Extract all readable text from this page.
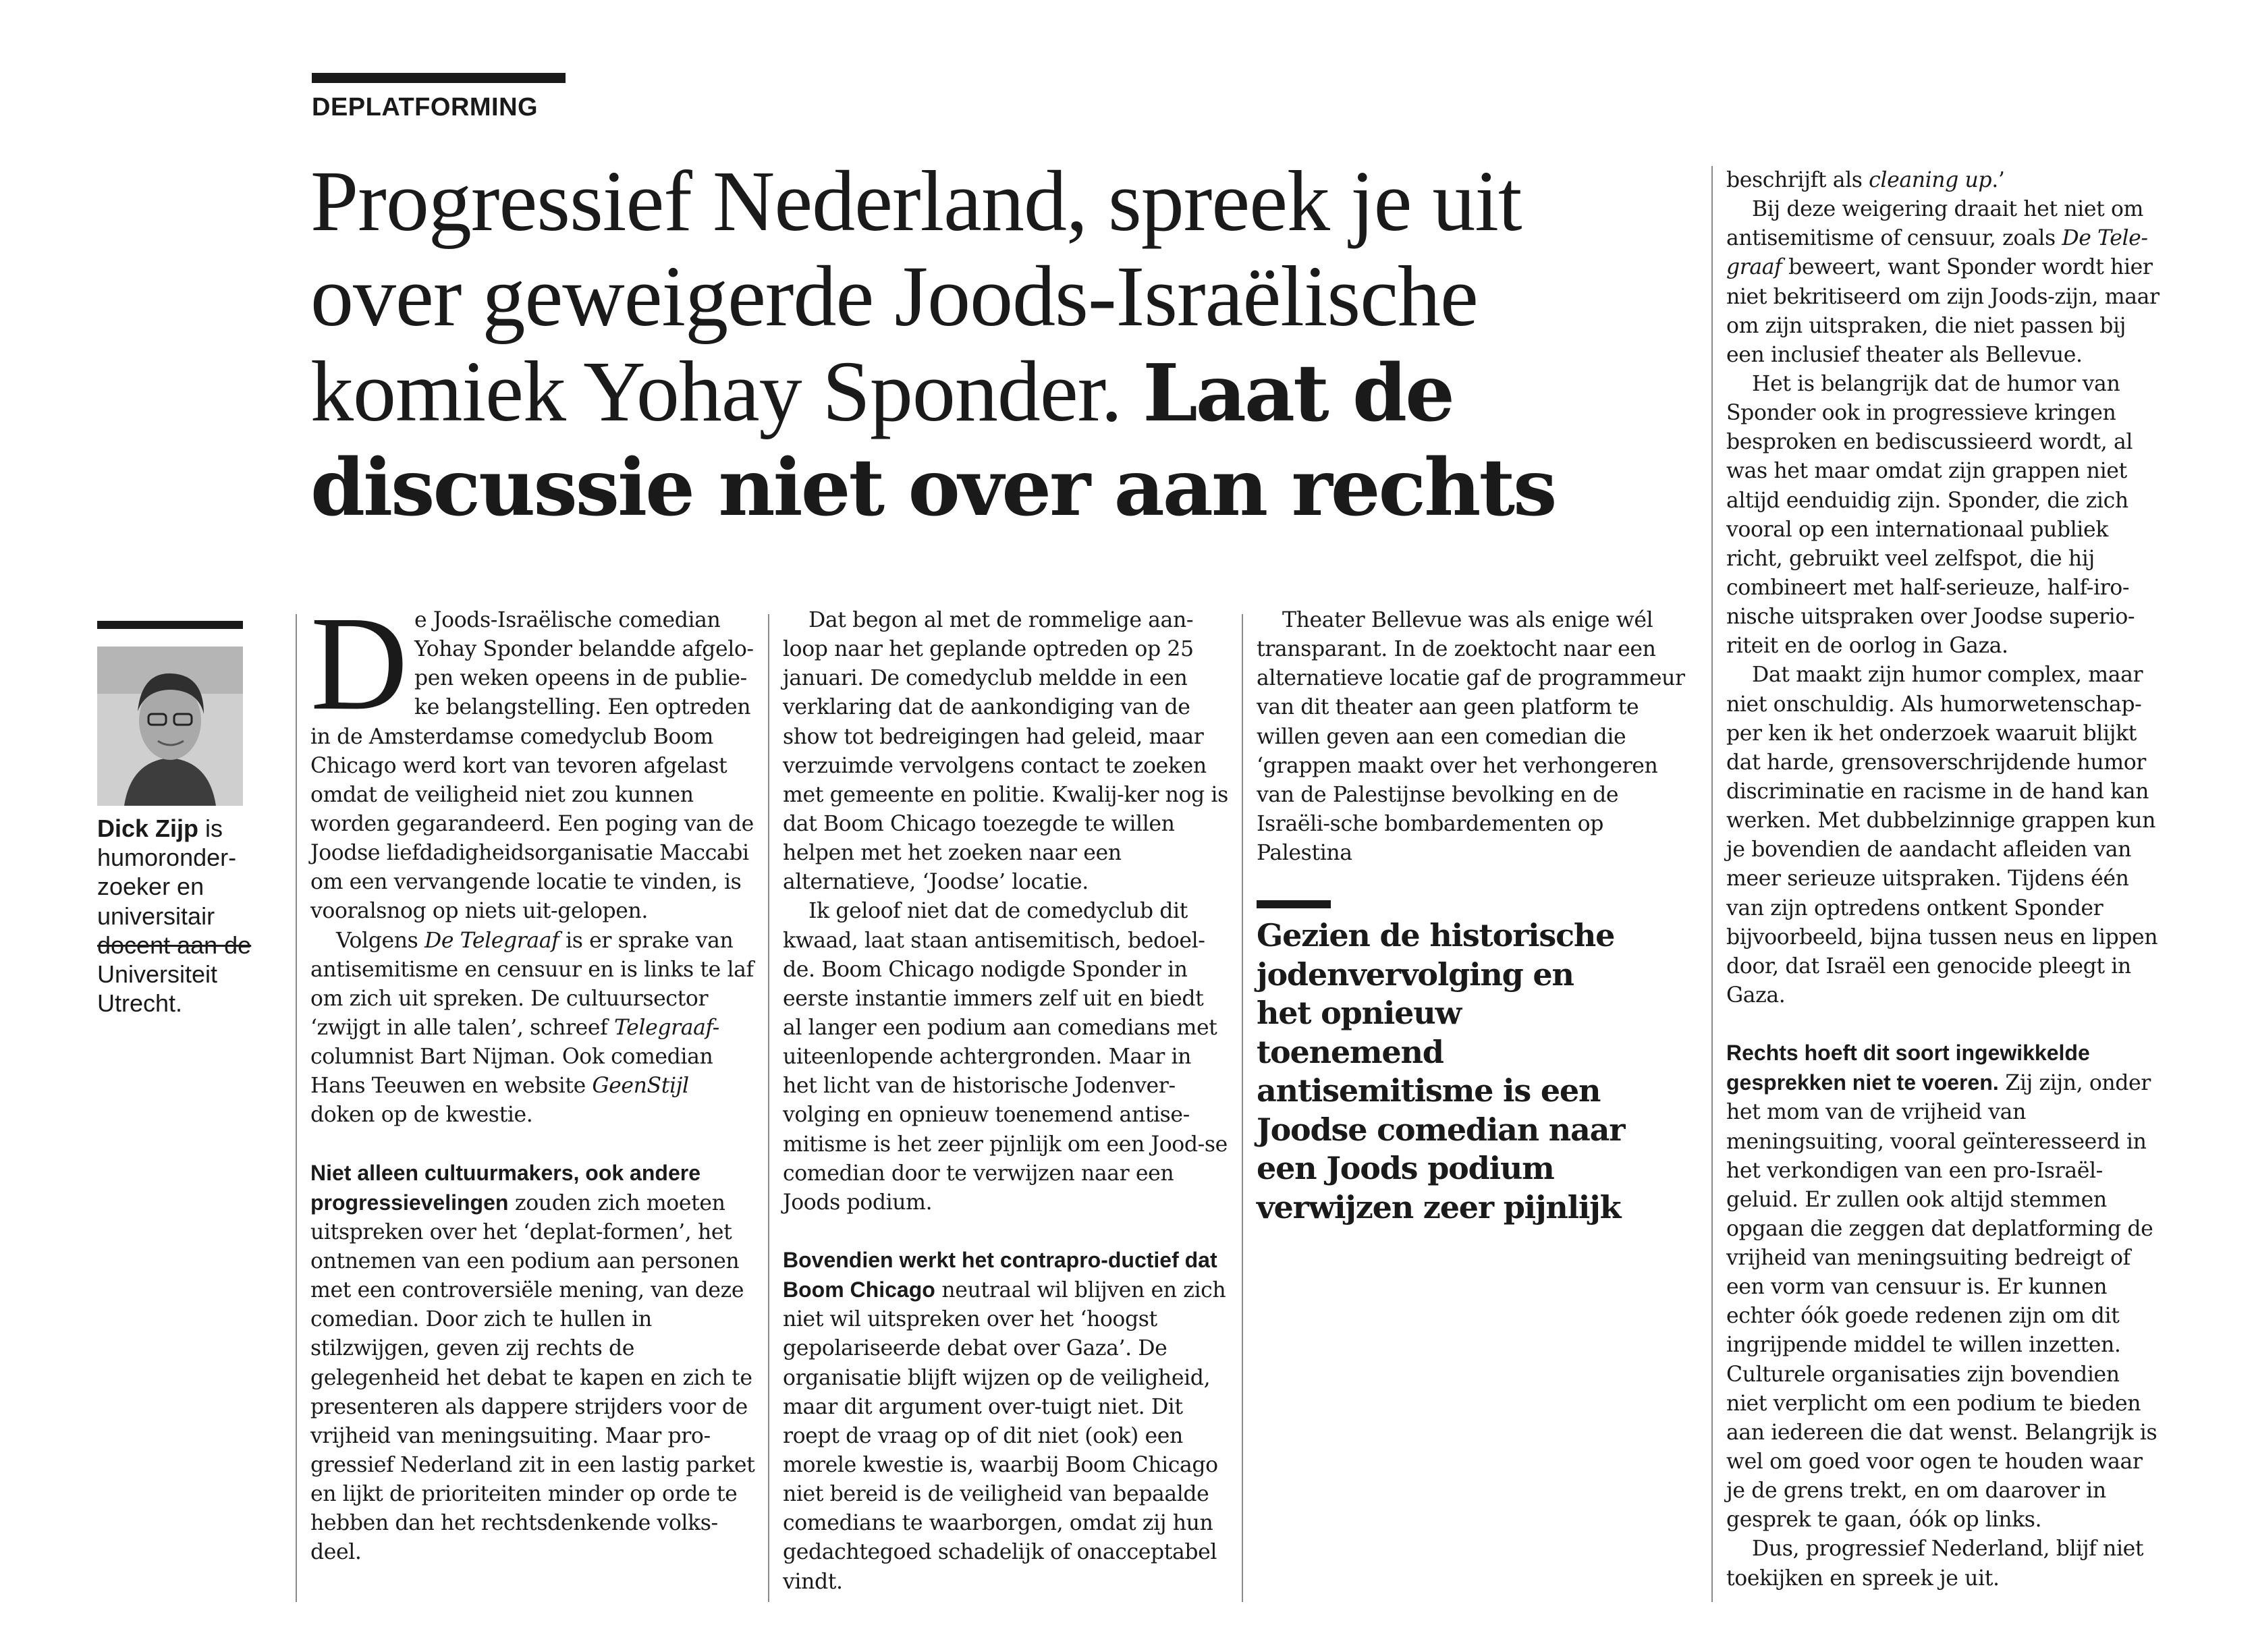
DEPLATFORMING
Progressief Nederland, spreek je uit over geweigerde Joods-Israëlische komiek Yohay Sponder. Laat de discussie niet over aan rechts
Dick Zijp is humoronder-zoeker en universitair docent aan de Universiteit Utrecht.

De Joods-Israëlische comedian Yohay Sponder belandde afgelo-pen weken opeens in de publie-ke belangstelling. Een optreden in de Amsterdamse comedyclub Boom Chicago werd kort van tevoren afgelast omdat de veiligheid niet zou kunnen worden gegarandeerd. Een poging van de Joodse liefdadigheidsorganisatie Maccabi om een vervangende locatie te vinden, is vooralsnog op niets uit-gelopen.

Volgens De Telegraaf is er sprake van antisemitisme en censuur en is links te laf om zich uit spreken. De cultuursector ‘zwijgt in alle talen’, schreef Telegraaf-columnist Bart Nijman. Ook comedian Hans Teeuwen en website GeenStijl doken op de kwestie.

Niet alleen cultuurmakers, ook andere progressievelingen zouden zich moeten uitspreken over het ‘deplat-formen’, het ontnemen van een podium aan personen met een controversiële mening, van deze comedian. Door zich te hullen in stilzwijgen, geven zij rechts de gelegenheid het debat te kapen en zich te presenteren als dappere strijders voor de vrijheid van meningsuiting. Maar pro-gressief Nederland zit in een lastig parket en lijkt de prioriteiten minder op orde te hebben dan het rechtsdenkende volks-deel.

Dat begon al met de rommelige aan-loop naar het geplande optreden op 25 januari. De comedyclub meldde in een verklaring dat de aankondiging van de show tot bedreigingen had geleid, maar verzuimde vervolgens contact te zoeken met gemeente en politie. Kwalij-ker nog is dat Boom Chicago toezegde te willen helpen met het zoeken naar een alternatieve, ‘Joodse’ locatie.

Ik geloof niet dat de comedyclub dit kwaad, laat staan antisemitisch, bedoel-de. Boom Chicago nodigde Sponder in eerste instantie immers zelf uit en biedt al langer een podium aan comedians met uiteenlopende achtergronden. Maar in het licht van de historische Jodenver-volging en opnieuw toenemend antise-mitisme is het zeer pijnlijk om een Jood-se comedian door te verwijzen naar een Joods podium.

Bovendien werkt het contrapro-ductief dat Boom Chicago neutraal wil blijven en zich niet wil uitspreken over het ‘hoogst gepolariseerde debat over Gaza’. De organisatie blijft wijzen op de veiligheid, maar dit argument over-tuigt niet. Dit roept de vraag op of dit niet (ook) een morele kwestie is, waarbij Boom Chicago niet bereid is de veiligheid van bepaalde comedians te waarborgen, omdat zij hun gedachtegoed schadelijk of onacceptabel vindt.

Theater Bellevue was als enige wél transparant. In de zoektocht naar een alternatieve locatie gaf de programmeur van dit theater aan geen platform te willen geven aan een comedian die ‘grappen maakt over het verhongeren van de Palestijnse bevolking en de Israëli-sche bombardementen op Palestina

Gezien de historische jodenvervolging en het opnieuw toenemend antisemitisme is een Joodse comedian naar een Joods podium verwijzen zeer pijnlijk

beschrijft als cleaning up.’

Bij deze weigering draait het niet om antisemitisme of censuur, zoals De Tele-graaf beweert, want Sponder wordt hier niet bekritiseerd om zijn Joods-zijn, maar om zijn uitspraken, die niet passen bij een inclusief theater als Bellevue.

Het is belangrijk dat de humor van Sponder ook in progressieve kringen besproken en bediscussieerd wordt, al was het maar omdat zijn grappen niet altijd eenduidig zijn. Sponder, die zich vooral op een internationaal publiek richt, gebruikt veel zelfspot, die hij combineert met half-serieuze, half-iro-nische uitspraken over Joodse superio-riteit en de oorlog in Gaza.

Dat maakt zijn humor complex, maar niet onschuldig. Als humorwetenschap-per ken ik het onderzoek waaruit blijkt dat harde, grensoverschrijdende humor discriminatie en racisme in de hand kan werken. Met dubbelzinnige grappen kun je bovendien de aandacht afleiden van meer serieuze uitspraken. Tijdens één van zijn optredens ontkent Sponder bijvoorbeeld, bijna tussen neus en lippen door, dat Israël een genocide pleegt in Gaza.

Rechts hoeft dit soort ingewikkelde gesprekken niet te voeren. Zij zijn, onder het mom van de vrijheid van meningsuiting, vooral geïnteresseerd in het verkondigen van een pro-Israël-geluid. Er zullen ook altijd stemmen opgaan die zeggen dat deplatforming de vrijheid van meningsuiting bedreigt of een vorm van censuur is. Er kunnen echter óók goede redenen zijn om dit ingrijpende middel te willen inzetten. Culturele organisaties zijn bovendien niet verplicht om een podium te bieden aan iedereen die dat wenst. Belangrijk is wel om goed voor ogen te houden waar je de grens trekt, en om daarover in gesprek te gaan, óók op links.

Dus, progressief Nederland, blijf niet toekijken en spreek je uit.
